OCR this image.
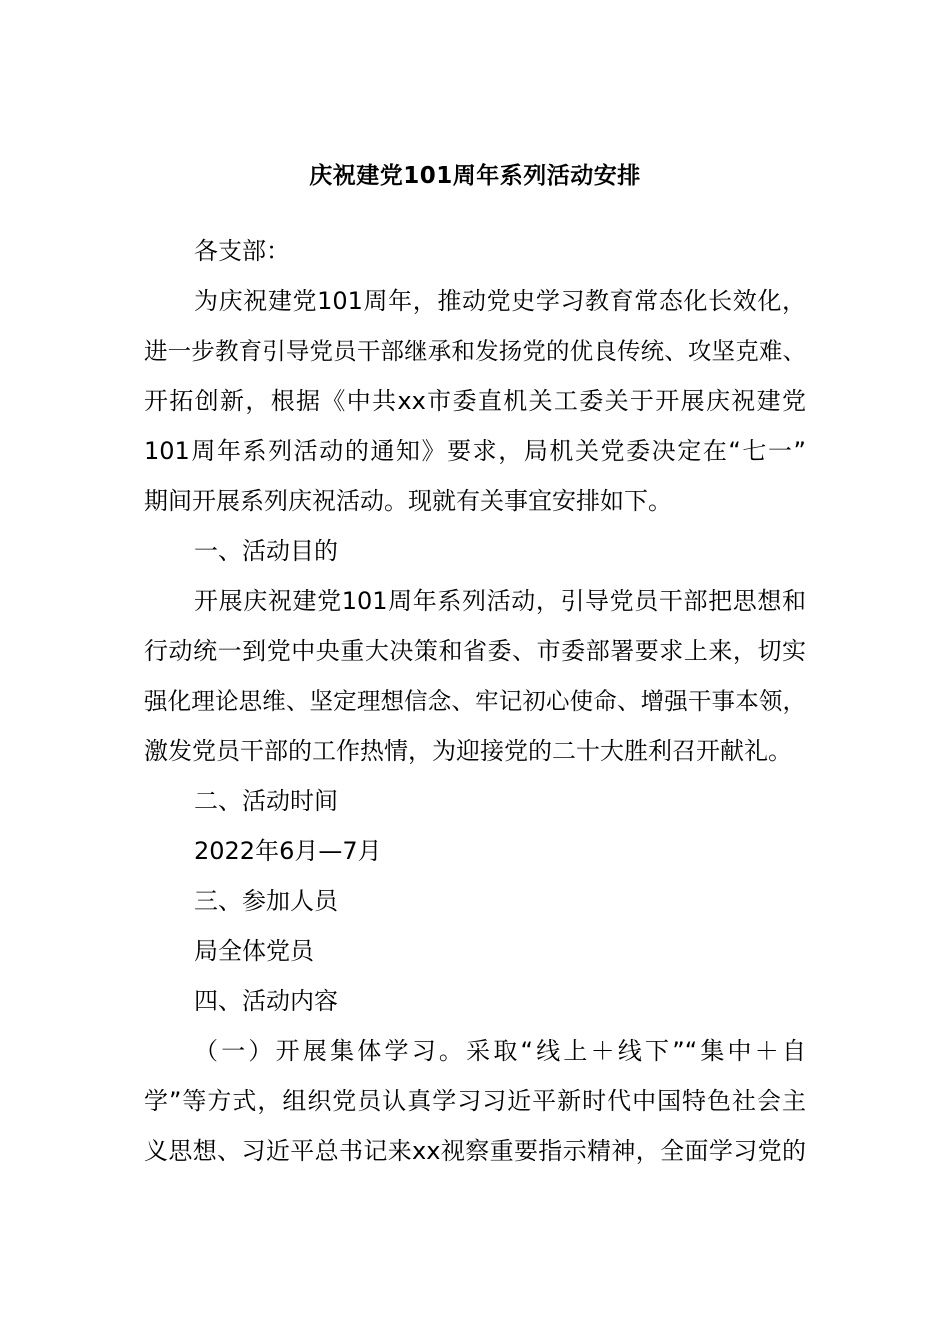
庆祝建党101周年系列活动安排
各支部：
为庆祝建党101周年，推动党史学习教育常态化长效化，
进一步教育引导党员干部继承和发扬党的优良传统、攻坚克难、
开拓创新，根据《中共xx市委直机关工委关于开展庆祝建党
101周年系列活动的通知》要求，局机关党委决定在“七一”
期间开展系列庆祝活动。现就有关事宜安排如下。
一、活动目的
开展庆祝建党101周年系列活动，引导党员干部把思想和
行动统一到党中央重大决策和省委、市委部署要求上来，切实
强化理论思维、坚定理想信念、牢记初心使命、增强干事本领，
激发党员干部的工作热情，为迎接党的二十大胜利召开献礼。
二、活动时间
2022年6月—7月
三、参加人员
局全体党员
四、活动内容
（一）开展集体学习。采取“线上＋线下”“集中＋自
学”等方式，组织党员认真学习习近平新时代中国特色社会主
义思想、习近平总书记来xx视察重要指示精神，全面学习党的
